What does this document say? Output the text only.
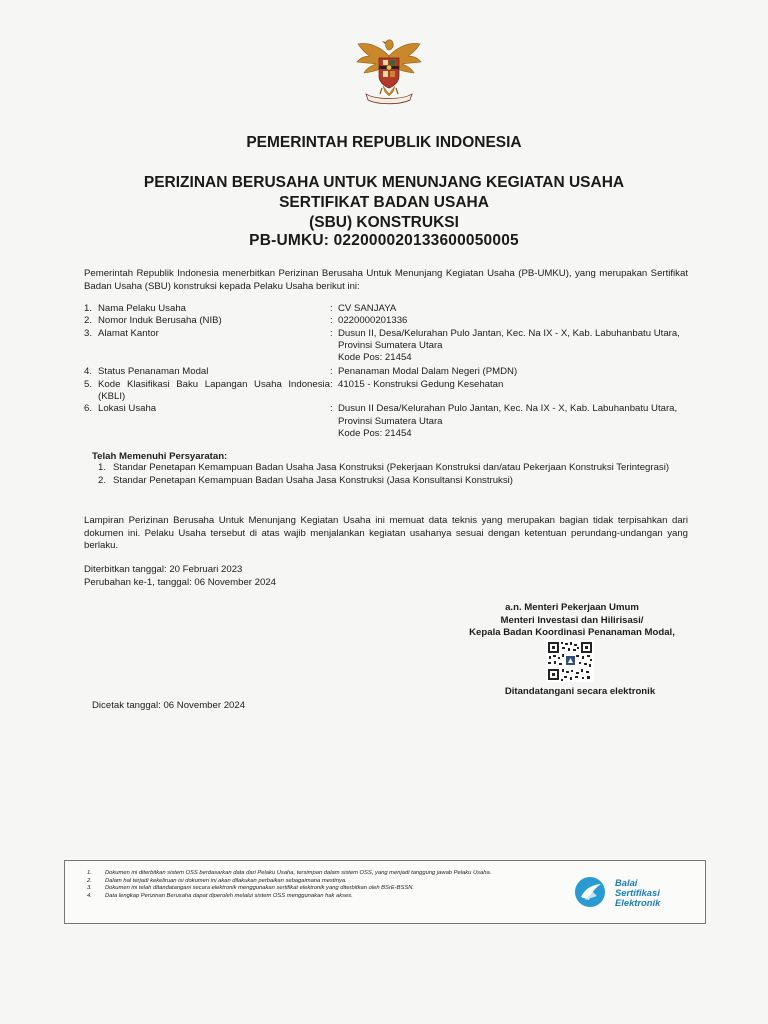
PEMERINTAH REPUBLIK INDONESIA
PERIZINAN BERUSAHA UNTUK MENUNJANG KEGIATAN USAHA
SERTIFIKAT BADAN USAHA
(SBU) KONSTRUKSI
PB-UMKU: 022000020133600050005
Pemerintah Republik Indonesia menerbitkan Perizinan Berusaha Untuk Menunjang Kegiatan Usaha (PB-UMKU), yang merupakan Sertifikat Badan Usaha (SBU) konstruksi kepada Pelaku Usaha berikut ini:
1. Nama Pelaku Usaha	: CV SANJAYA
2. Nomor Induk Berusaha (NIB)	: 0220000201336
3. Alamat Kantor	: Dusun II, Desa/Kelurahan Pulo Jantan, Kec. Na IX - X, Kab. Labuhanbatu Utara, Provinsi Sumatera Utara
Kode Pos: 21454
4. Status Penanaman Modal	: Penanaman Modal Dalam Negeri (PMDN)
5. Kode Klasifikasi Baku Lapangan Usaha Indonesia (KBLI)
: 41015 - Konstruksi Gedung Kesehatan
6. Lokasi Usaha	: Dusun II Desa/Kelurahan Pulo Jantan, Kec. Na IX - X, Kab. Labuhanbatu Utara, Provinsi Sumatera Utara
Kode Pos: 21454
Telah Memenuhi Persyaratan:
1. Standar Penetapan Kemampuan Badan Usaha Jasa Konstruksi (Pekerjaan Konstruksi dan/atau Pekerjaan Konstruksi Terintegrasi)
2. Standar Penetapan Kemampuan Badan Usaha Jasa Konstruksi (Jasa Konsultansi Konstruksi)
Lampiran Perizinan Berusaha Untuk Menunjang Kegiatan Usaha ini memuat data teknis yang merupakan bagian tidak terpisahkan dari dokumen ini. Pelaku Usaha tersebut di atas wajib menjalankan kegiatan usahanya sesuai dengan ketentuan perundang-undangan yang berlaku.
Diterbitkan tanggal: 20 Februari 2023
Perubahan ke-1, tanggal: 06 November 2024
a.n. Menteri Pekerjaan Umum
Menteri Investasi dan Hilirisasi/
Kepala Badan Koordinasi Penanaman Modal,
Ditandatangani secara elektronik
Dicetak tanggal: 06 November 2024
1.	Dokumen ini diterbitkan sistem OSS berdasarkan data dari Pelaku Usaha, tersimpan dalam sistem OSS, yang menjadi tanggung jawab Pelaku Usaha.
2.	Dalam hal terjadi kekeliruan isi dokumen ini akan dilakukan perbaikan sebagaimana mestinya.
3.	Dokumen ini telah ditandatangani secara elektronik menggunakan sertifikat elektronik yang diterbitkan oleh BSrE-BSSN.
4.	Data lengkap Perizinan Berusaha dapat diperoleh melalui sistem OSS menggunakan hak akses.
Balai
Sertifikasi
Elektronik
